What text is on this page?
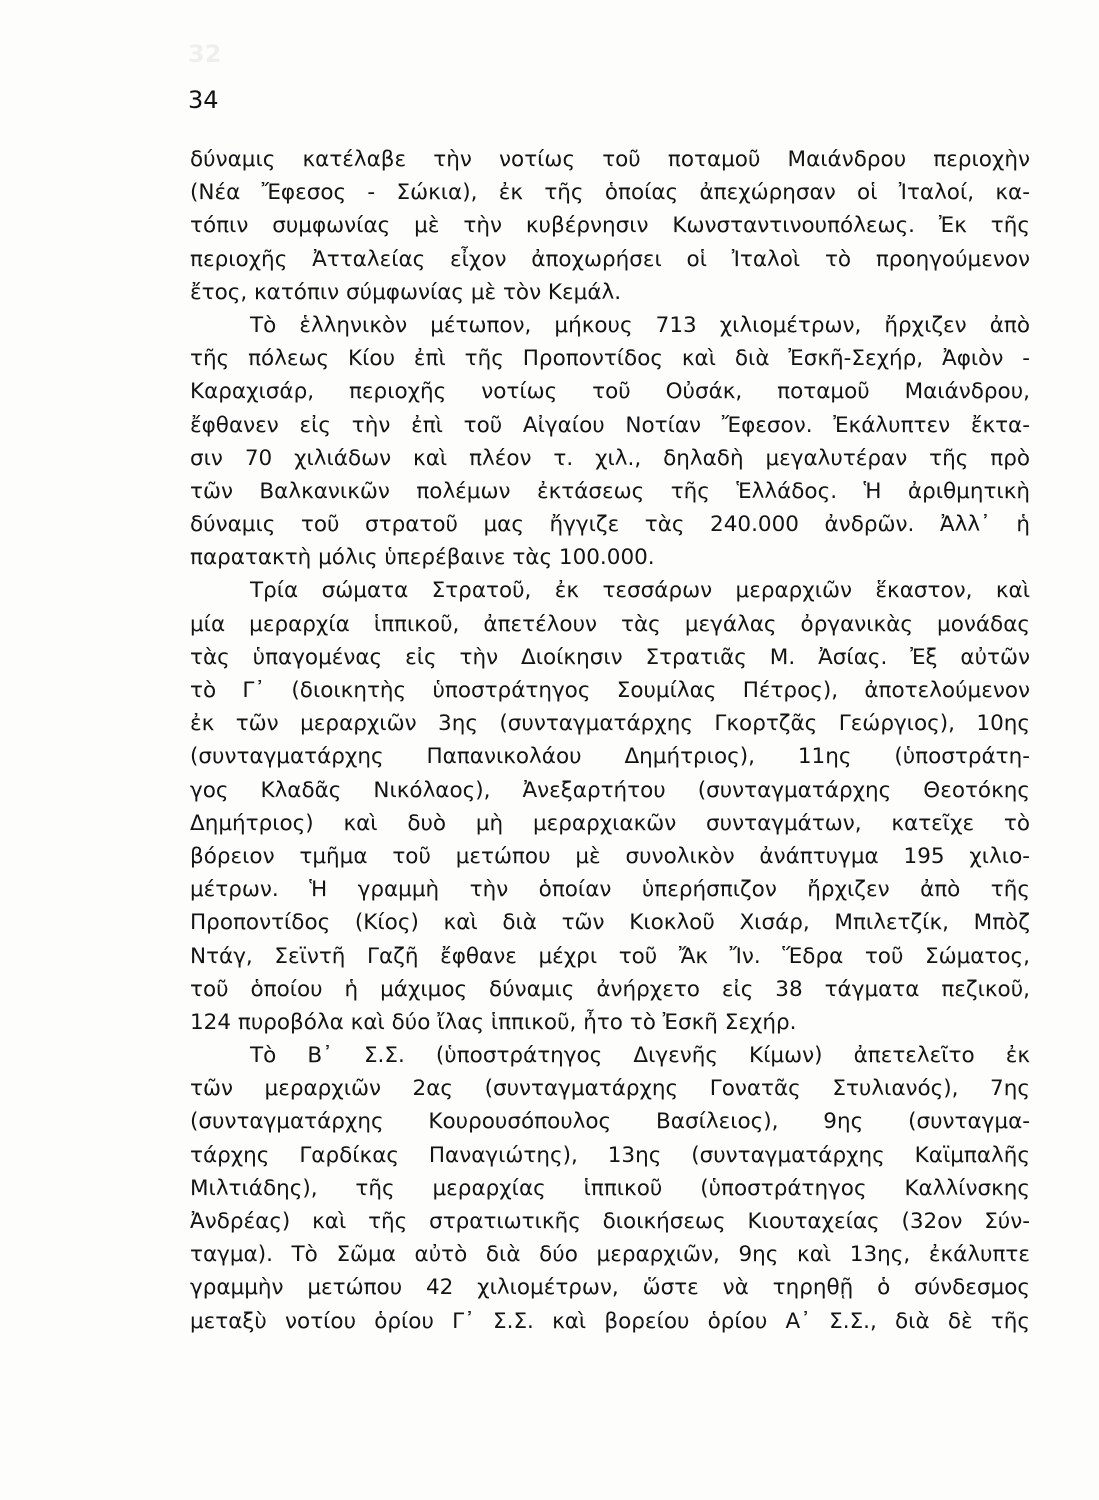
32
34
δύναμις κατέλαβε τὴν νοτίως τοῦ ποταμοῦ Μαιάνδρου περιοχὴν
(Νέα Ἔφεσος - Σώκια), ἐκ τῆς ὁποίας ἀπεχώρησαν οἱ Ἰταλοί, κα-
τόπιν συμφωνίας μὲ τὴν κυβέρνησιν Κωνσταντινουπόλεως. Ἐκ τῆς
περιοχῆς Ἀτταλείας εἶχον ἀποχωρήσει οἱ Ἰταλοὶ τὸ προηγούμενον
ἔτος, κατόπιν σύμφωνίας μὲ τὸν Κεμάλ.
Τὸ ἑλληνικὸν μέτωπον, μήκους 713 χιλιομέτρων, ἤρχιζεν ἀπὸ
τῆς πόλεως Κίου ἐπὶ τῆς Προποντίδος καὶ διὰ Ἐσκῆ-Σεχήρ, Ἀφιὸν -
Καραχισάρ, περιοχῆς νοτίως τοῦ Οὐσάκ, ποταμοῦ Μαιάνδρου,
ἔφθανεν εἰς τὴν ἐπὶ τοῦ Αἰγαίου Νοτίαν Ἔφεσον. Ἐκάλυπτεν ἔκτα-
σιν 70 χιλιάδων καὶ πλέον τ. χιλ., δηλαδὴ μεγαλυτέραν τῆς πρὸ
τῶν Βαλκανικῶν πολέμων ἐκτάσεως τῆς Ἑλλάδος. Ἡ ἀριθμητικὴ
δύναμις τοῦ στρατοῦ μας ἤγγιζε τὰς 240.000 ἀνδρῶν. Ἀλλ᾽ ἡ
παρατακτὴ μόλις ὑπερέβαινε τὰς 100.000.
Τρία σώματα Στρατοῦ, ἐκ τεσσάρων μεραρχιῶν ἕκαστον, καὶ
μία μεραρχία ἱππικοῦ, ἀπετέλουν τὰς μεγάλας ὀργανικὰς μονάδας
τὰς ὑπαγομένας εἰς τὴν Διοίκησιν Στρατιᾶς Μ. Ἀσίας. Ἐξ αὐτῶν
τὸ Γ᾽ (διοικητὴς ὑποστράτηγος Σουμίλας Πέτρος), ἀποτελούμενον
ἐκ τῶν μεραρχιῶν 3ης (συνταγματάρχης Γκορτζᾶς Γεώργιος), 10ης
(συνταγματάρχης Παπανικολάου Δημήτριος), 11ης (ὑποστράτη-
γος Κλαδᾶς Νικόλαος), Ἀνεξαρτήτου (συνταγματάρχης Θεοτόκης
Δημήτριος) καὶ δυὸ μὴ μεραρχιακῶν συνταγμάτων, κατεῖχε τὸ
βόρειον τμῆμα τοῦ μετώπου μὲ συνολικὸν ἀνάπτυγμα 195 χιλιο-
μέτρων. Ἡ γραμμὴ τὴν ὁποίαν ὑπερήσπιζον ἤρχιζεν ἀπὸ τῆς
Προποντίδος (Κίος) καὶ διὰ τῶν Κιοκλοῦ Χισάρ, Μπιλετζίκ, Μπὸζ
Ντάγ, Σεϊντῆ Γαζῆ ἔφθανε μέχρι τοῦ Ἄκ Ἴν. Ἕδρα τοῦ Σώματος,
τοῦ ὁποίου ἡ μάχιμος δύναμις ἀνήρχετο εἰς 38 τάγματα πεζικοῦ,
124 πυροβόλα καὶ δύο ἴλας ἱππικοῦ, ἦτο τὸ Ἐσκῆ Σεχήρ.
Τὸ Β᾽ Σ.Σ. (ὑποστράτηγος Διγενῆς Κίμων) ἀπετελεῖτο ἐκ
τῶν μεραρχιῶν 2ας (συνταγματάρχης Γονατᾶς Στυλιανός), 7ης
(συνταγματάρχης Κουρουσόπουλος Βασίλειος), 9ης (συνταγμα-
τάρχης Γαρδίκας Παναγιώτης), 13ης (συνταγματάρχης Καϊμπαλῆς
Μιλτιάδης), τῆς μεραρχίας ἱππικοῦ (ὑποστράτηγος Καλλίνσκης
Ἀνδρέας) καὶ τῆς στρατιωτικῆς διοικήσεως Κιουταχείας (32ον Σύν-
ταγμα). Τὸ Σῶμα αὐτὸ διὰ δύο μεραρχιῶν, 9ης καὶ 13ης, ἐκάλυπτε
γραμμὴν μετώπου 42 χιλιομέτρων, ὥστε νὰ τηρηθῇ ὁ σύνδεσμος
μεταξὺ νοτίου ὁρίου Γ᾽ Σ.Σ. καὶ βορείου ὁρίου Α᾽ Σ.Σ., διὰ δὲ τῆς
